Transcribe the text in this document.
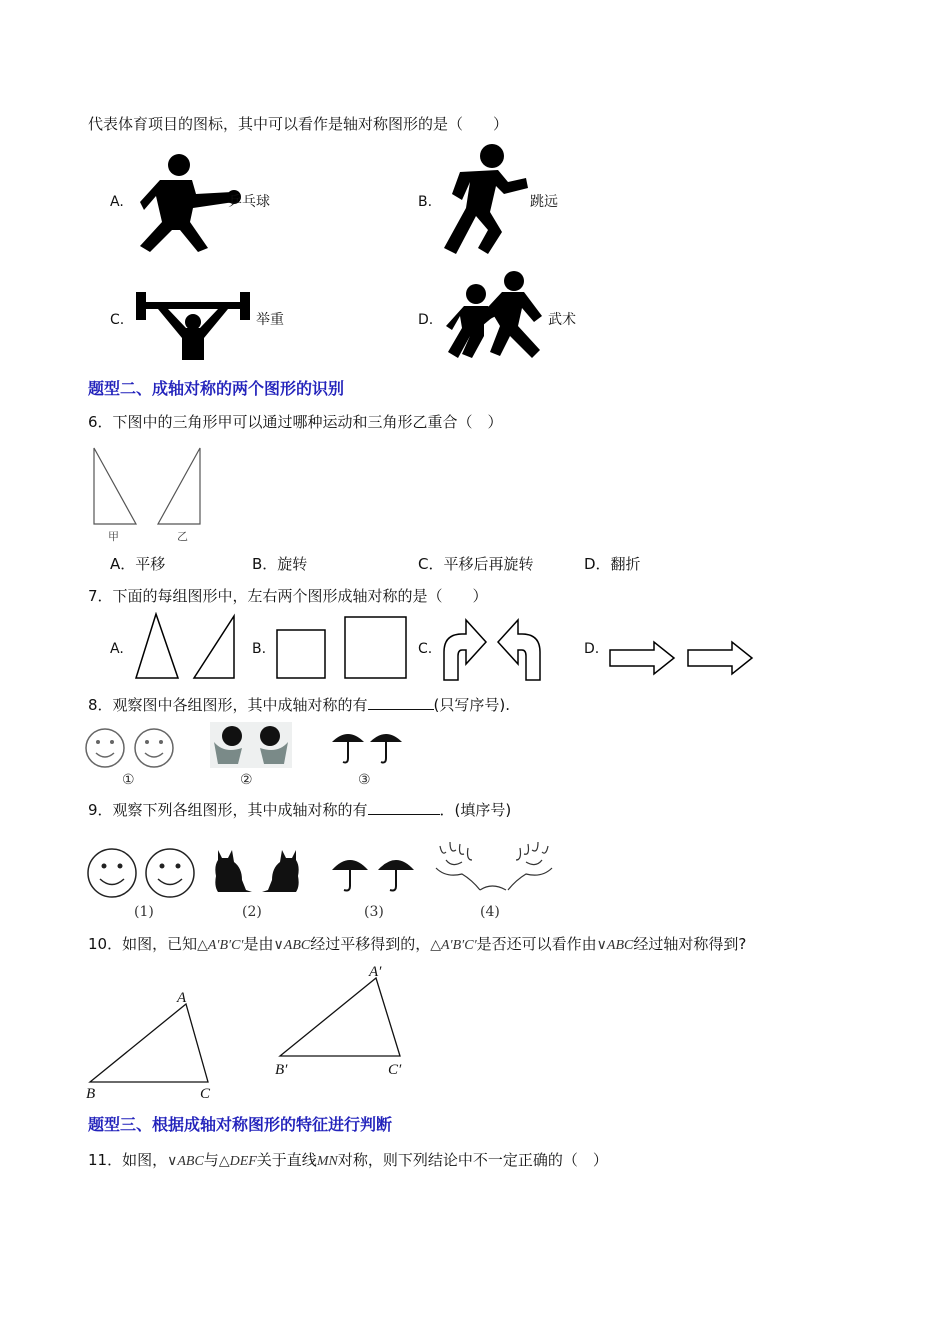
代表体育项目的图标，其中可以看作是轴对称图形的是（　　）
A.	乒乓球	B.	跳远
C.	举重	D.	武术
题型二、成轴对称的两个图形的识别
6．下图中的三角形甲可以通过哪种运动和三角形乙重合（　）
甲	乙
A．平移	B．旋转	C．平移后再旋转	D．翻折
7．下面的每组图形中，左右两个图形成轴对称的是（　　）
A.	B.	C.	D.
8．观察图中各组图形，其中成轴对称的有	(只写序号).
①	②	③
9．观察下列各组图形，其中成轴对称的有	．(填序号)
(1)	(2)	(3)	(4)
10．如图，已知△A′B′C′是由∨ABC经过平移得到的，△A′B′C′是否还可以看作由∨ABC经过轴对称得到?
A
B	C
A′
B′	C′
题型三、根据成轴对称图形的特征进行判断
11．如图，∨ABC与△DEF关于直线MN对称，则下列结论中不一定正确的（　）
